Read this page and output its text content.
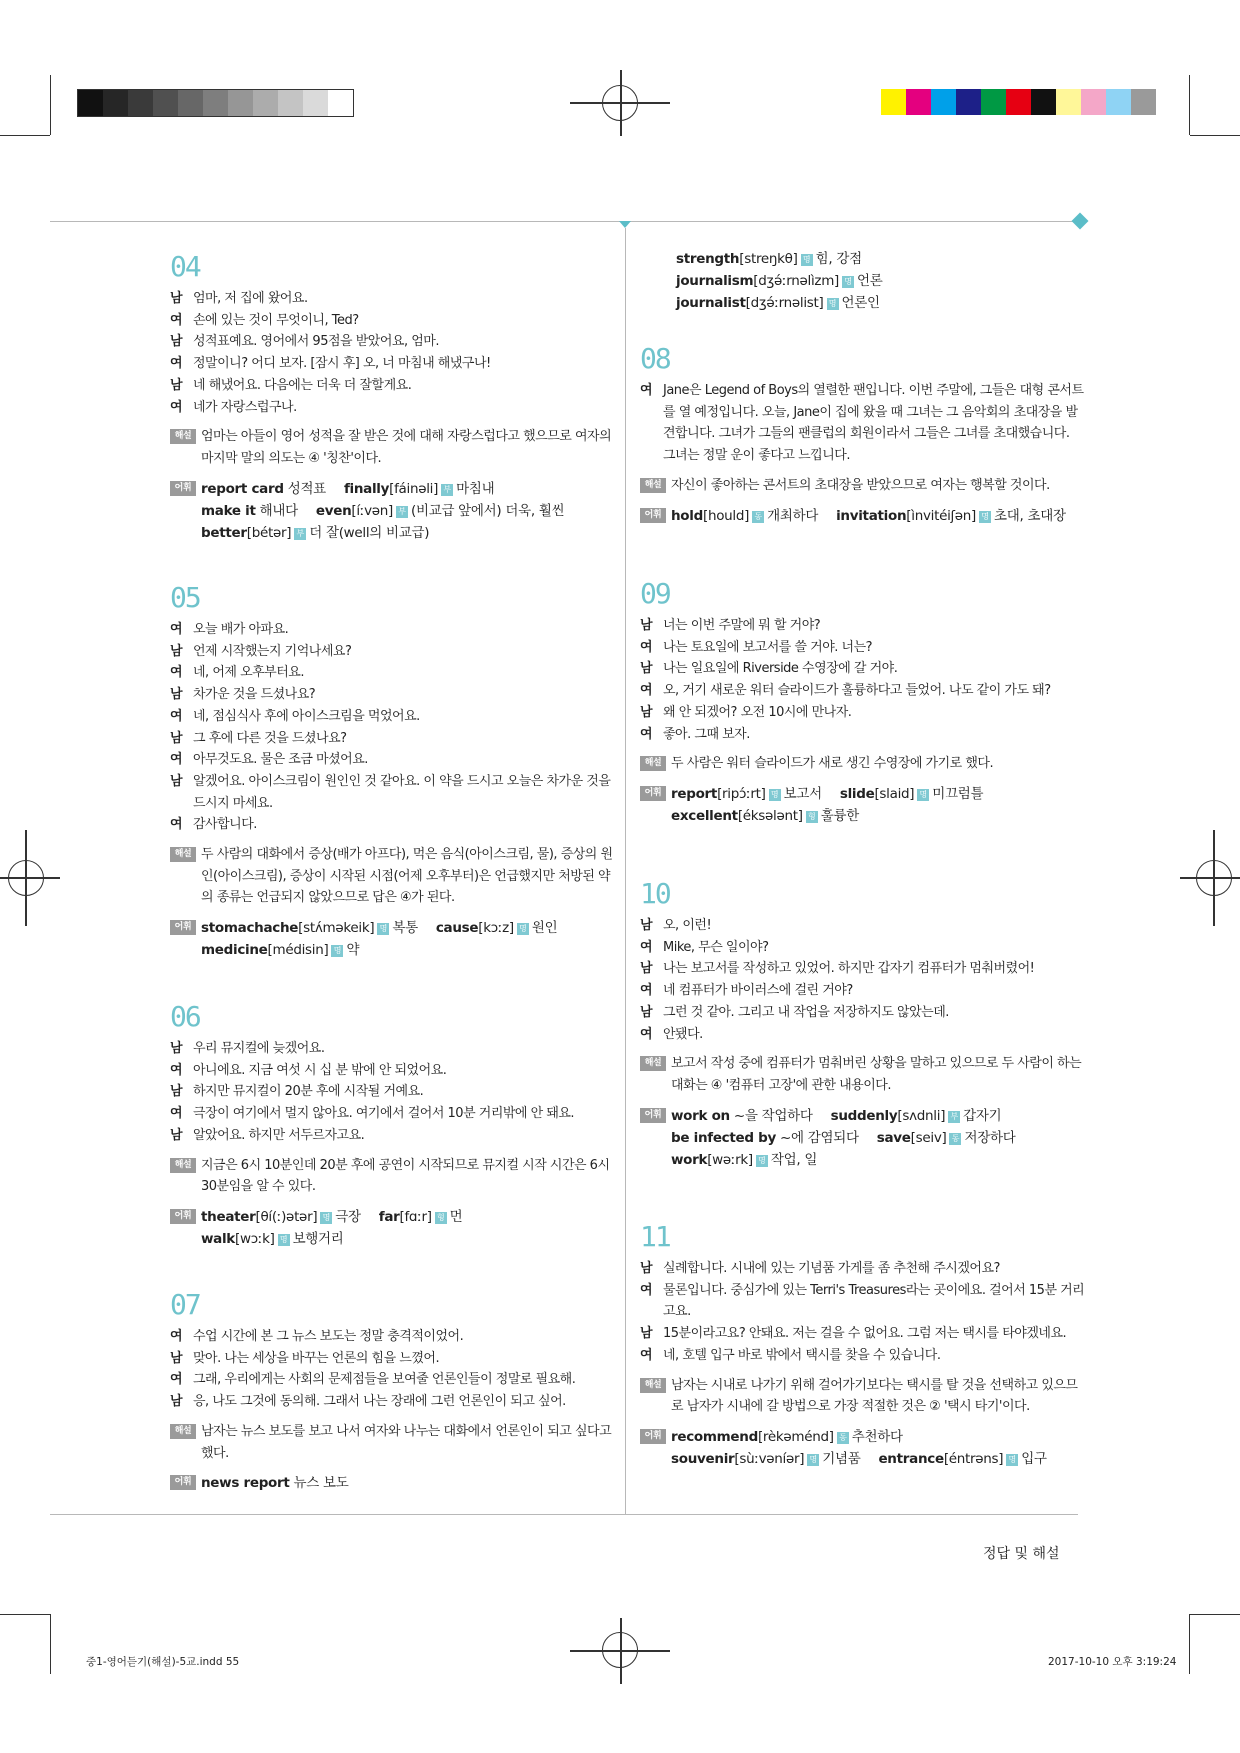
04
남 엄마, 저 집에 왔어요.
여 손에 있는 것이 무엇이니, Ted?
남 성적표예요. 영어에서 95점을 받았어요, 엄마.
여 정말이니? 어디 보자. [잠시 후] 오, 너 마침내 해냈구나!
남 네 해냈어요. 다음에는 더욱 더 잘할게요.
여 네가 자랑스럽구나.
해설 엄마는 아들이 영어 성적을 잘 받은 것에 대해 자랑스럽다고 했으므로 여자의 마지막 말의 의도는 ④ '칭찬'이다.
어휘 report card 성적표 finally[fáinəli] 부 마침내 make it 해내다 even[íːvən] 부 (비교급 앞에서) 더욱, 훨씬 better[bétər] 부 더 잘(well의 비교급)
05
여 오늘 배가 아파요.
남 언제 시작했는지 기억나세요?
여 네, 어제 오후부터요.
남 차가운 것을 드셨나요?
여 네, 점심식사 후에 아이스크림을 먹었어요.
남 그 후에 다른 것을 드셨나요?
여 아무것도요. 물은 조금 마셨어요.
남 알겠어요. 아이스크림이 원인인 것 같아요. 이 약을 드시고 오늘은 차가운 것을 드시지 마세요.
여 감사합니다.
해설 두 사람의 대화에서 증상(배가 아프다), 먹은 음식(아이스크림, 물), 증상의 원인(아이스크림), 증상이 시작된 시점(어제 오후부터)은 언급했지만 처방된 약의 종류는 언급되지 않았으므로 답은 ④가 된다.
어휘 stomachache[stʌ́məkeik] 명 복통 cause[kɔːz] 명 원인 medicine[médisin] 명 약
06
남 우리 뮤지컬에 늦겠어요.
여 아니에요. 지금 여섯 시 십 분 밖에 안 되었어요.
남 하지만 뮤지컬이 20분 후에 시작될 거예요.
여 극장이 여기에서 멀지 않아요. 여기에서 걸어서 10분 거리밖에 안 돼요.
남 알았어요. 하지만 서두르자고요.
해설 지금은 6시 10분인데 20분 후에 공연이 시작되므로 뮤지컬 시작 시간은 6시 30분임을 알 수 있다.
어휘 theater[θí(ː)ətər] 명 극장 far[fɑːr] 형 먼 walk[wɔːk] 명 보행거리
07
여 수업 시간에 본 그 뉴스 보도는 정말 충격적이었어.
남 맞아. 나는 세상을 바꾸는 언론의 힘을 느꼈어.
여 그래, 우리에게는 사회의 문제점들을 보여줄 언론인들이 정말로 필요해.
남 응, 나도 그것에 동의해. 그래서 나는 장래에 그런 언론인이 되고 싶어.
해설 남자는 뉴스 보도를 보고 나서 여자와 나누는 대화에서 언론인이 되고 싶다고 했다.
어휘 news report 뉴스 보도
strength[streŋkθ] 명 힘, 강점 journalism[dʒə́ːrnəlìzm] 명 언론 journalist[dʒə́ːrnəlist] 명 언론인
08
여 Jane은 Legend of Boys의 열렬한 팬입니다. 이번 주말에, 그들은 대형 콘서트를 열 예정입니다. 오늘, Jane이 집에 왔을 때 그녀는 그 음악회의 초대장을 발견합니다. 그녀가 그들의 팬클럽의 회원이라서 그들은 그녀를 초대했습니다. 그녀는 정말 운이 좋다고 느낍니다.
해설 자신이 좋아하는 콘서트의 초대장을 받았으므로 여자는 행복할 것이다.
어휘 hold[hould] 동 개최하다 invitation[ìnvitéiʃən] 명 초대, 초대장
09
남 너는 이번 주말에 뭐 할 거야?
여 나는 토요일에 보고서를 쓸 거야. 너는?
남 나는 일요일에 Riverside 수영장에 갈 거야.
여 오, 거기 새로운 워터 슬라이드가 훌륭하다고 들었어. 나도 같이 가도 돼?
남 왜 안 되겠어? 오전 10시에 만나자.
여 좋아. 그때 보자.
해설 두 사람은 워터 슬라이드가 새로 생긴 수영장에 가기로 했다.
어휘 report[ripɔ́ːrt] 명 보고서 slide[slaid] 명 미끄럼틀 excellent[éksələnt] 형 훌륭한
10
남 오, 이런!
여 Mike, 무슨 일이야?
남 나는 보고서를 작성하고 있었어. 하지만 갑자기 컴퓨터가 멈춰버렸어!
여 네 컴퓨터가 바이러스에 걸린 거야?
남 그런 것 같아. 그리고 내 작업을 저장하지도 않았는데.
여 안됐다.
해설 보고서 작성 중에 컴퓨터가 멈춰버린 상황을 말하고 있으므로 두 사람이 하는 대화는 ④ '컴퓨터 고장'에 관한 내용이다.
어휘 work on ~을 작업하다 suddenly[sʌdnli] 부 갑자기 be infected by ~에 감염되다 save[seiv] 동 저장하다 work[wəːrk] 명 작업, 일
11
남 실례합니다. 시내에 있는 기념품 가게를 좀 추천해 주시겠어요?
여 물론입니다. 중심가에 있는 Terri's Treasures라는 곳이에요. 걸어서 15분 거리고요.
남 15분이라고요? 안돼요. 저는 걸을 수 없어요. 그럼 저는 택시를 타야겠네요.
여 네, 호텔 입구 바로 밖에서 택시를 찾을 수 있습니다.
해설 남자는 시내로 나가기 위해 걸어가기보다는 택시를 탈 것을 선택하고 있으므로 남자가 시내에 갈 방법으로 가장 적절한 것은 ② '택시 타기'이다.
어휘 recommend[rèkəménd] 동 추천하다 souvenir[sùːvəníər] 명 기념품 entrance[éntrəns] 명 입구
정답 및 해설
중1-영어듣기(해설)-5교.indd 55	2017-10-10 오후 3:19:24
